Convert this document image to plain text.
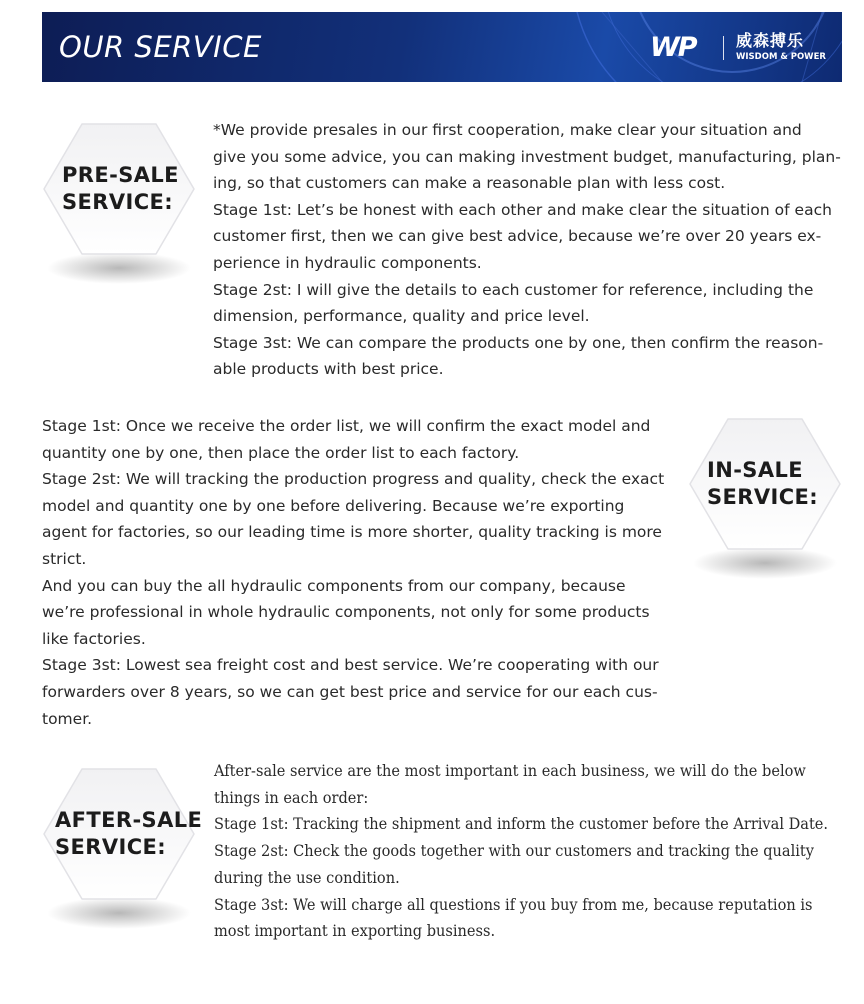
OUR SERVICE	WP	威森搏乐
WISDOM & POWER
PRE-SALE
SERVICE:

*We provide presales in our first cooperation, make clear your situation and

give you some advice, you can making investment budget, manufacturing, plan-

ing, so that customers can make a reasonable plan with less cost.

Stage 1st: Let’s be honest with each other and make clear the situation of each

customer first, then we can give best advice, because we’re over 20 years ex-

perience in hydraulic components.

Stage 2st: I will give the details to each customer for reference, including the

dimension, performance, quality and price level.

Stage 3st: We can compare the products one by one, then confirm the reason-

able products with best price.

Stage 1st: Once we receive the order list, we will confirm the exact model and

quantity one by one, then place the order list to each factory.

Stage 2st: We will tracking the production progress and quality, check the exact

model and quantity one by one before delivering. Because we’re exporting

agent for factories, so our leading time is more shorter, quality tracking is more

strict.

And you can buy the all hydraulic components from our company, because

we’re professional in whole hydraulic components, not only for some products

like factories.

Stage 3st: Lowest sea freight cost and best service. We’re cooperating with our

forwarders over 8 years, so we can get best price and service for our each cus-

tomer.

IN-SALE
SERVICE:
AFTER-SALE
SERVICE:

After-sale service are the most important in each business, we will do the below

things in each order:

Stage 1st: Tracking the shipment and inform the customer before the Arrival Date.

Stage 2st: Check the goods together with our customers and tracking the quality

during the use condition.

Stage 3st: We will charge all questions if you buy from me, because reputation is

most important in exporting business.
